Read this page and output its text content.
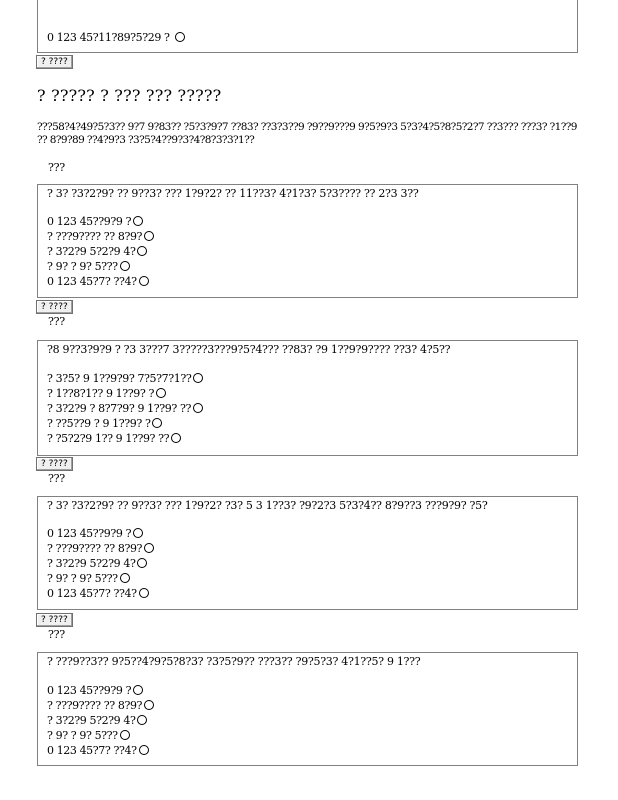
0 123 45?11?89?5?29 ?
? ????
? ????? ? ??? ??? ?????
???58?4?49?5?3?? 9?7 9?83?? ?5?3?9?7 ??83? ??3?3??9 ?9??9???9 9?5?9?3 5?3?4?5?8?5?2?7 ??3??? ???3? ?1??9 ?? 8?9?89 ??4?9?3 ?3?5?4??9?3?4?8?3?3?1??
???
? 3? ?3?2?9? ?? 9??3? ??? 1?9?2? ?? 11??3? 4?1?3? 5?3???? ?? 2?3 3??
0 123 45??9?9 ?
? ???9???? ?? 8?9?
? 3?2?9 5?2?9 4?
? 9? ? 9? 5???
0 123 45?7? ??4?
? ????
???
?8 9??3?9?9 ? ?3 3???7 3?????3???9?5?4??? ??83? ?9 1??9?9???? ??3? 4?5??
? 3?5? 9 1??9?9? 7?5?7?1??
? 1??8?1?? 9 1??9? ?
? 3?2?9 ? 8?7?9? 9 1??9? ??
? ??5??9 ? 9 1??9? ?
? ?5?2?9 1?? 9 1??9? ??
? ????
???
? 3? ?3?2?9? ?? 9??3? ??? 1?9?2? ?3? 5 3 1??3? ?9?2?3 5?3?4?? 8?9??3 ???9?9? ?5?
0 123 45??9?9 ?
? ???9???? ?? 8?9?
? 3?2?9 5?2?9 4?
? 9? ? 9? 5???
0 123 45?7? ??4?
? ????
???
? ???9??3?? 9?5??4?9?5?8?3? ?3?5?9?? ???3?? ?9?5?3? 4?1??5? 9 1???
0 123 45??9?9 ?
? ???9???? ?? 8?9?
? 3?2?9 5?2?9 4?
? 9? ? 9? 5???
0 123 45?7? ??4?
